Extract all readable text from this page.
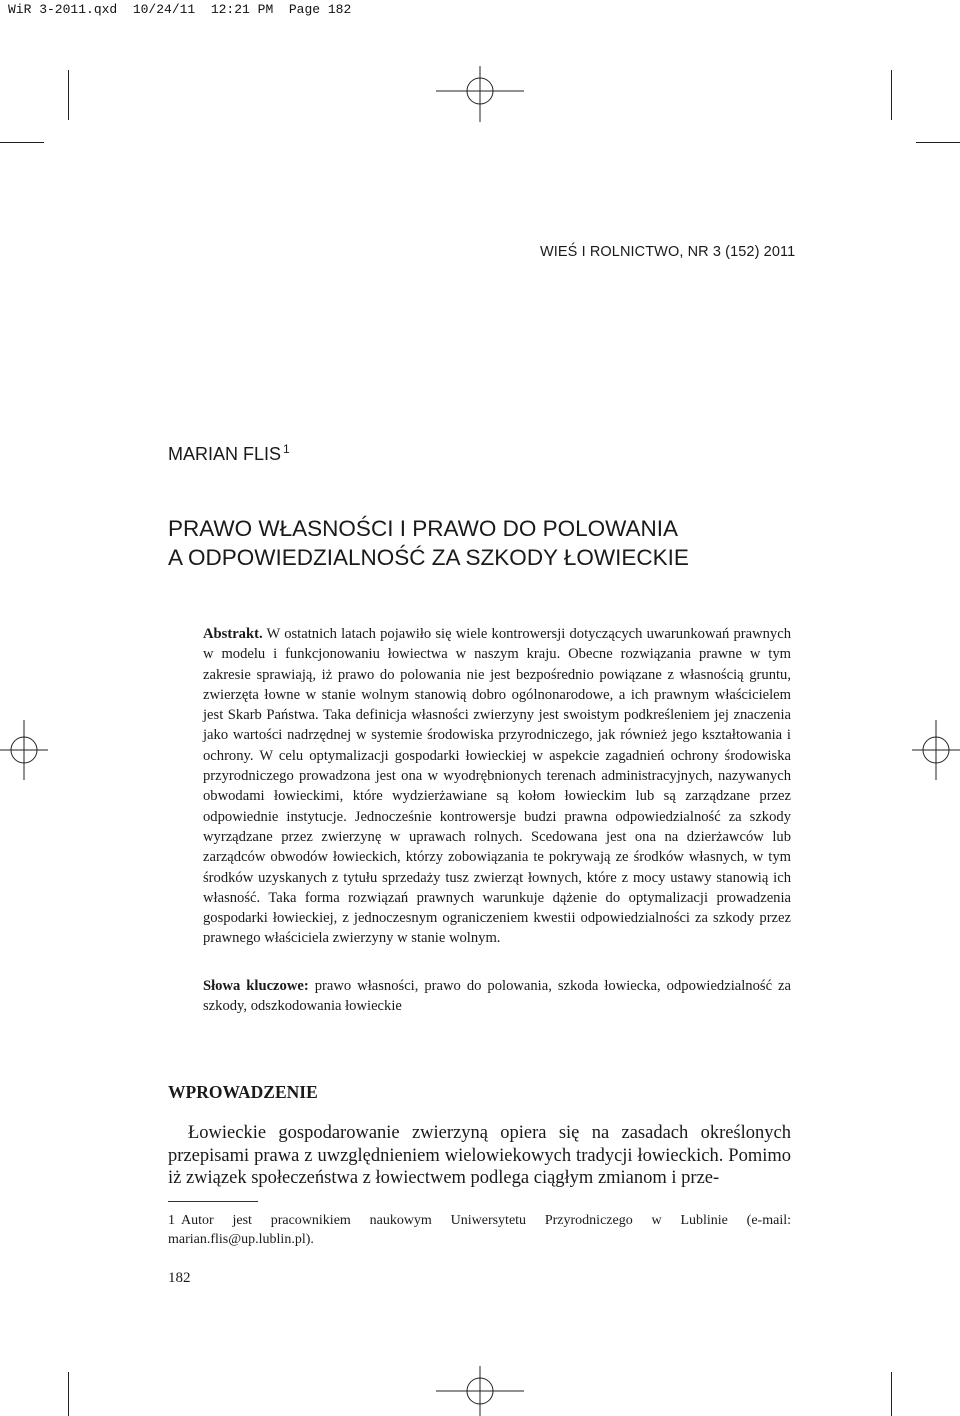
WiR 3-2011.qxd  10/24/11  12:21 PM  Page 182
WIEŚ I ROLNICTWO, NR 3 (152) 2011
MARIAN FLIS $^1$
PRAWO WŁASNOŚCI I PRAWO DO POLOWANIA
A ODPOWIEDZIALNOŚĆ ZA SZKODY ŁOWIECKIE

Abstrakt. W ostatnich latach pojawiło się wiele kontrowersji dotyczących uwarunkowań prawnych w modelu i funkcjonowaniu łowiectwa w naszym kraju. Obecne rozwiązania prawne w tym zakresie sprawiają, iż prawo do polowania nie jest bezpośrednio powiązane z własnością gruntu, zwierzęta łowne w stanie wolnym stanowią dobro ogólnonarodowe, a ich prawnym właścicielem jest Skarb Państwa. Taka definicja własności zwierzyny jest swoistym podkreśleniem jej znaczenia jako wartości nadrzędnej w systemie środowiska przyrodniczego, jak również jego kształtowania i ochrony. W celu optymalizacji gospodarki łowieckiej w aspekcie zagadnień ochrony środowiska przyrodniczego prowadzona jest ona w wyodrębnionych terenach administracyjnych, nazywanych obwodami łowieckimi, które wydzierżawiane są kołom łowieckim lub są zarządzane przez odpowiednie instytucje. Jednocześnie kontrowersje budzi prawna odpowiedzialność za szkody wyrządzane przez zwierzynę w uprawach rolnych. Scedowana jest ona na dzierżawców lub zarządców obwodów łowieckich, którzy zobowiązania te pokrywają ze środków własnych, w tym środków uzyskanych z tytułu sprzedaży tusz zwierząt łownych, które z mocy ustawy stanowią ich własność. Taka forma rozwiązań prawnych warunkuje dążenie do optymalizacji prowadzenia gospodarki łowieckiej, z jednoczesnym ograniczeniem kwestii odpowiedzialności za szkody przez prawnego właściciela zwierzyny w stanie wolnym.

Słowa kluczowe: prawo własności, prawo do polowania, szkoda łowiecka, odpowiedzialność za szkody, odszkodowania łowieckie

WPROWADZENIE

Łowieckie gospodarowanie zwierzyną opiera się na zasadach określonych przepisami prawa z uwzględnieniem wielowiekowych tradycji łowieckich. Pomimo iż związek społeczeństwa z łowiectwem podlega ciągłym zmianom i prze-

1 Autor jest pracownikiem naukowym Uniwersytetu Przyrodniczego w Lublinie (e-mail: marian.flis@up.lublin.pl).

182
